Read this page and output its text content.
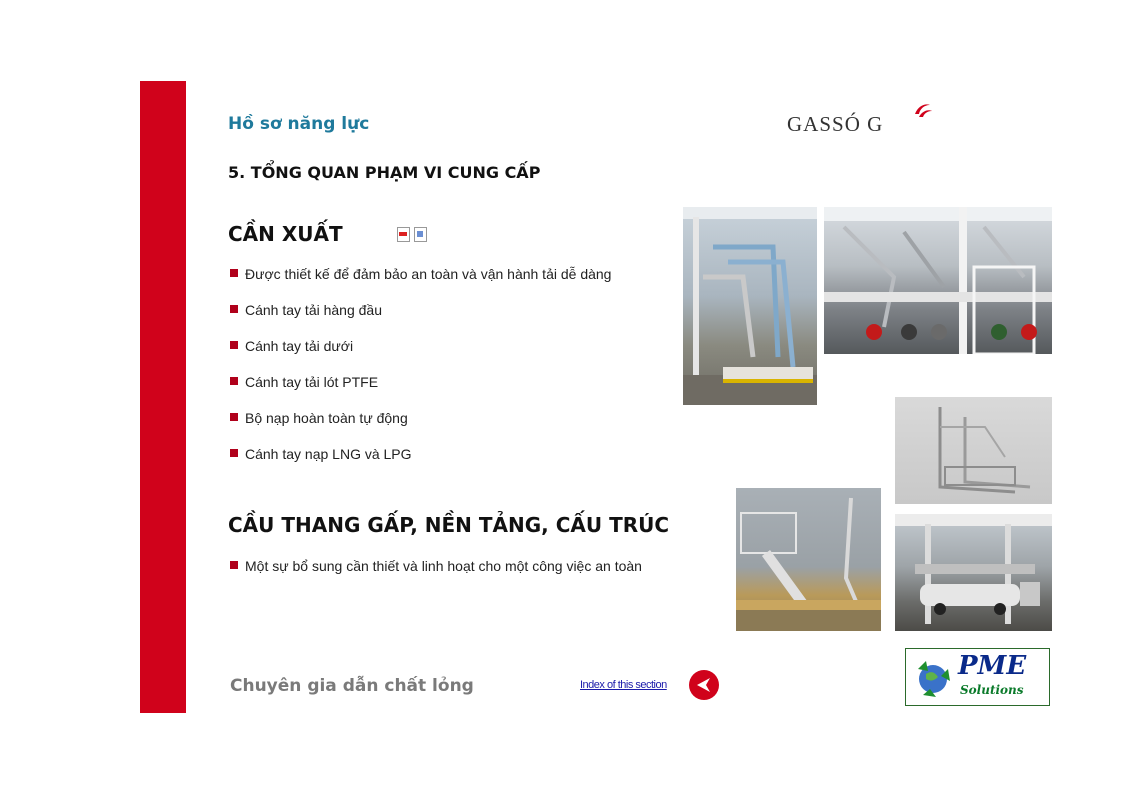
Hồ sơ năng lực	GASSÓ G
5. TỔNG QUAN PHẠM VI CUNG CẤP
CẦN XUẤT
Được thiết kế để đảm bảo an toàn và vận hành tải dễ dàng
Cánh tay tải hàng đầu
Cánh tay tải dưới
Cánh tay tải lót PTFE
Bộ nạp hoàn toàn tự động
Cánh tay nạp LNG và LPG
CẦU THANG GẤP, NỀN TẢNG, CẤU TRÚC
Một sự bổ sung cần thiết và linh hoạt cho một công việc an toàn
Chuyên gia dẫn chất lỏng	Index of this section
PME
Solutions
